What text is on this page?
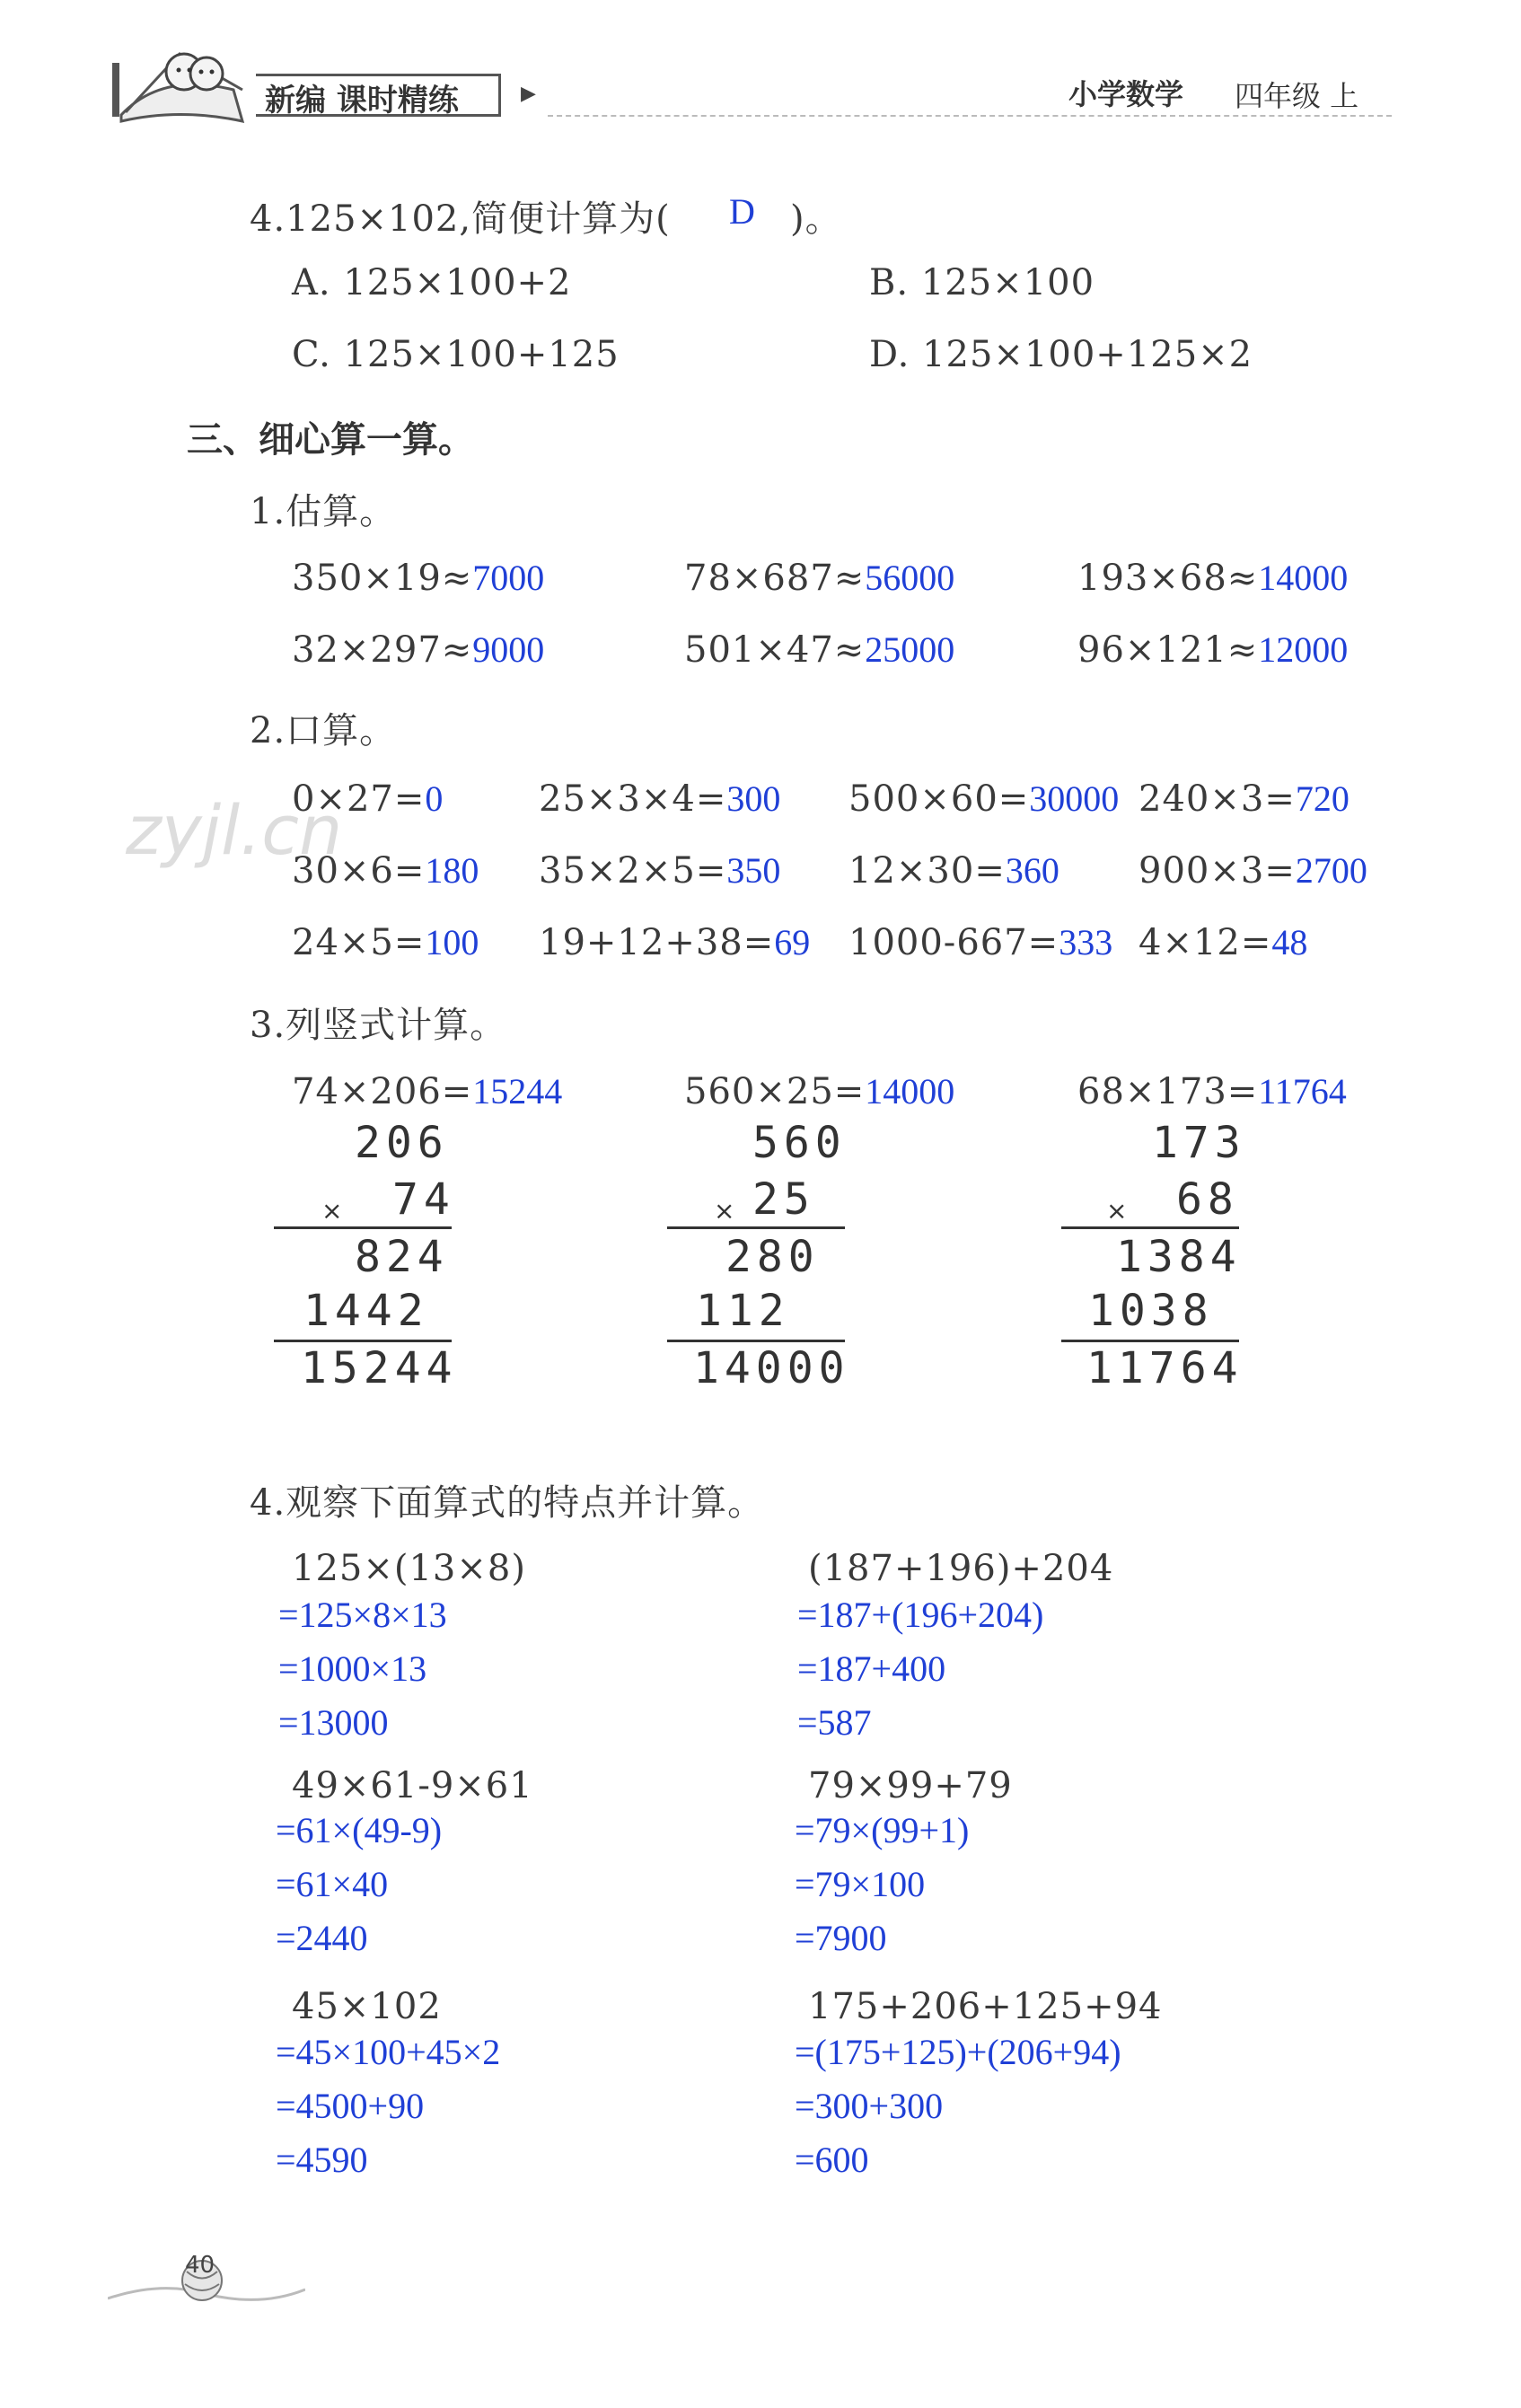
新编 课时精练	▶	小学数学 四年级 上
4.125×102,简便计算为( D )。
A. 125×100+2	B. 125×100
C. 125×100+125	D. 125×100+125×2
三、细心算一算。
1.估算。
350×19≈7000	78×687≈56000	193×68≈14000
32×297≈9000	501×47≈25000	96×121≈12000
2.口算。
0×27=0	25×3×4=300 500×60=30000 240×3=720
30×6=180 35×2×5=350 12×30=360 900×3=2700
24×5=100 19+12+38=69 1000-667=333 4×12=48
zyjl.cn
3.列竖式计算。
74×206=15244
206
× 74
824
1442
15244
560×25=14000
560
× 25
280
112
14000
68×173=11764
173
× 68
1384
1038
11764
4.观察下面算式的特点并计算。
125×(13×8)
=125×8×13
=1000×13
=13000
(187+196)+204
=187+(196+204)
=187+400
=587
49×61-9×61
=61×(49-9)
=61×40
=2440
79×99+79
=79×(99+1)
=79×100
=7900
45×102
=45×100+45×2
=4500+90
=4590
175+206+125+94
=(175+125)+(206+94)
=300+300
=600
40
